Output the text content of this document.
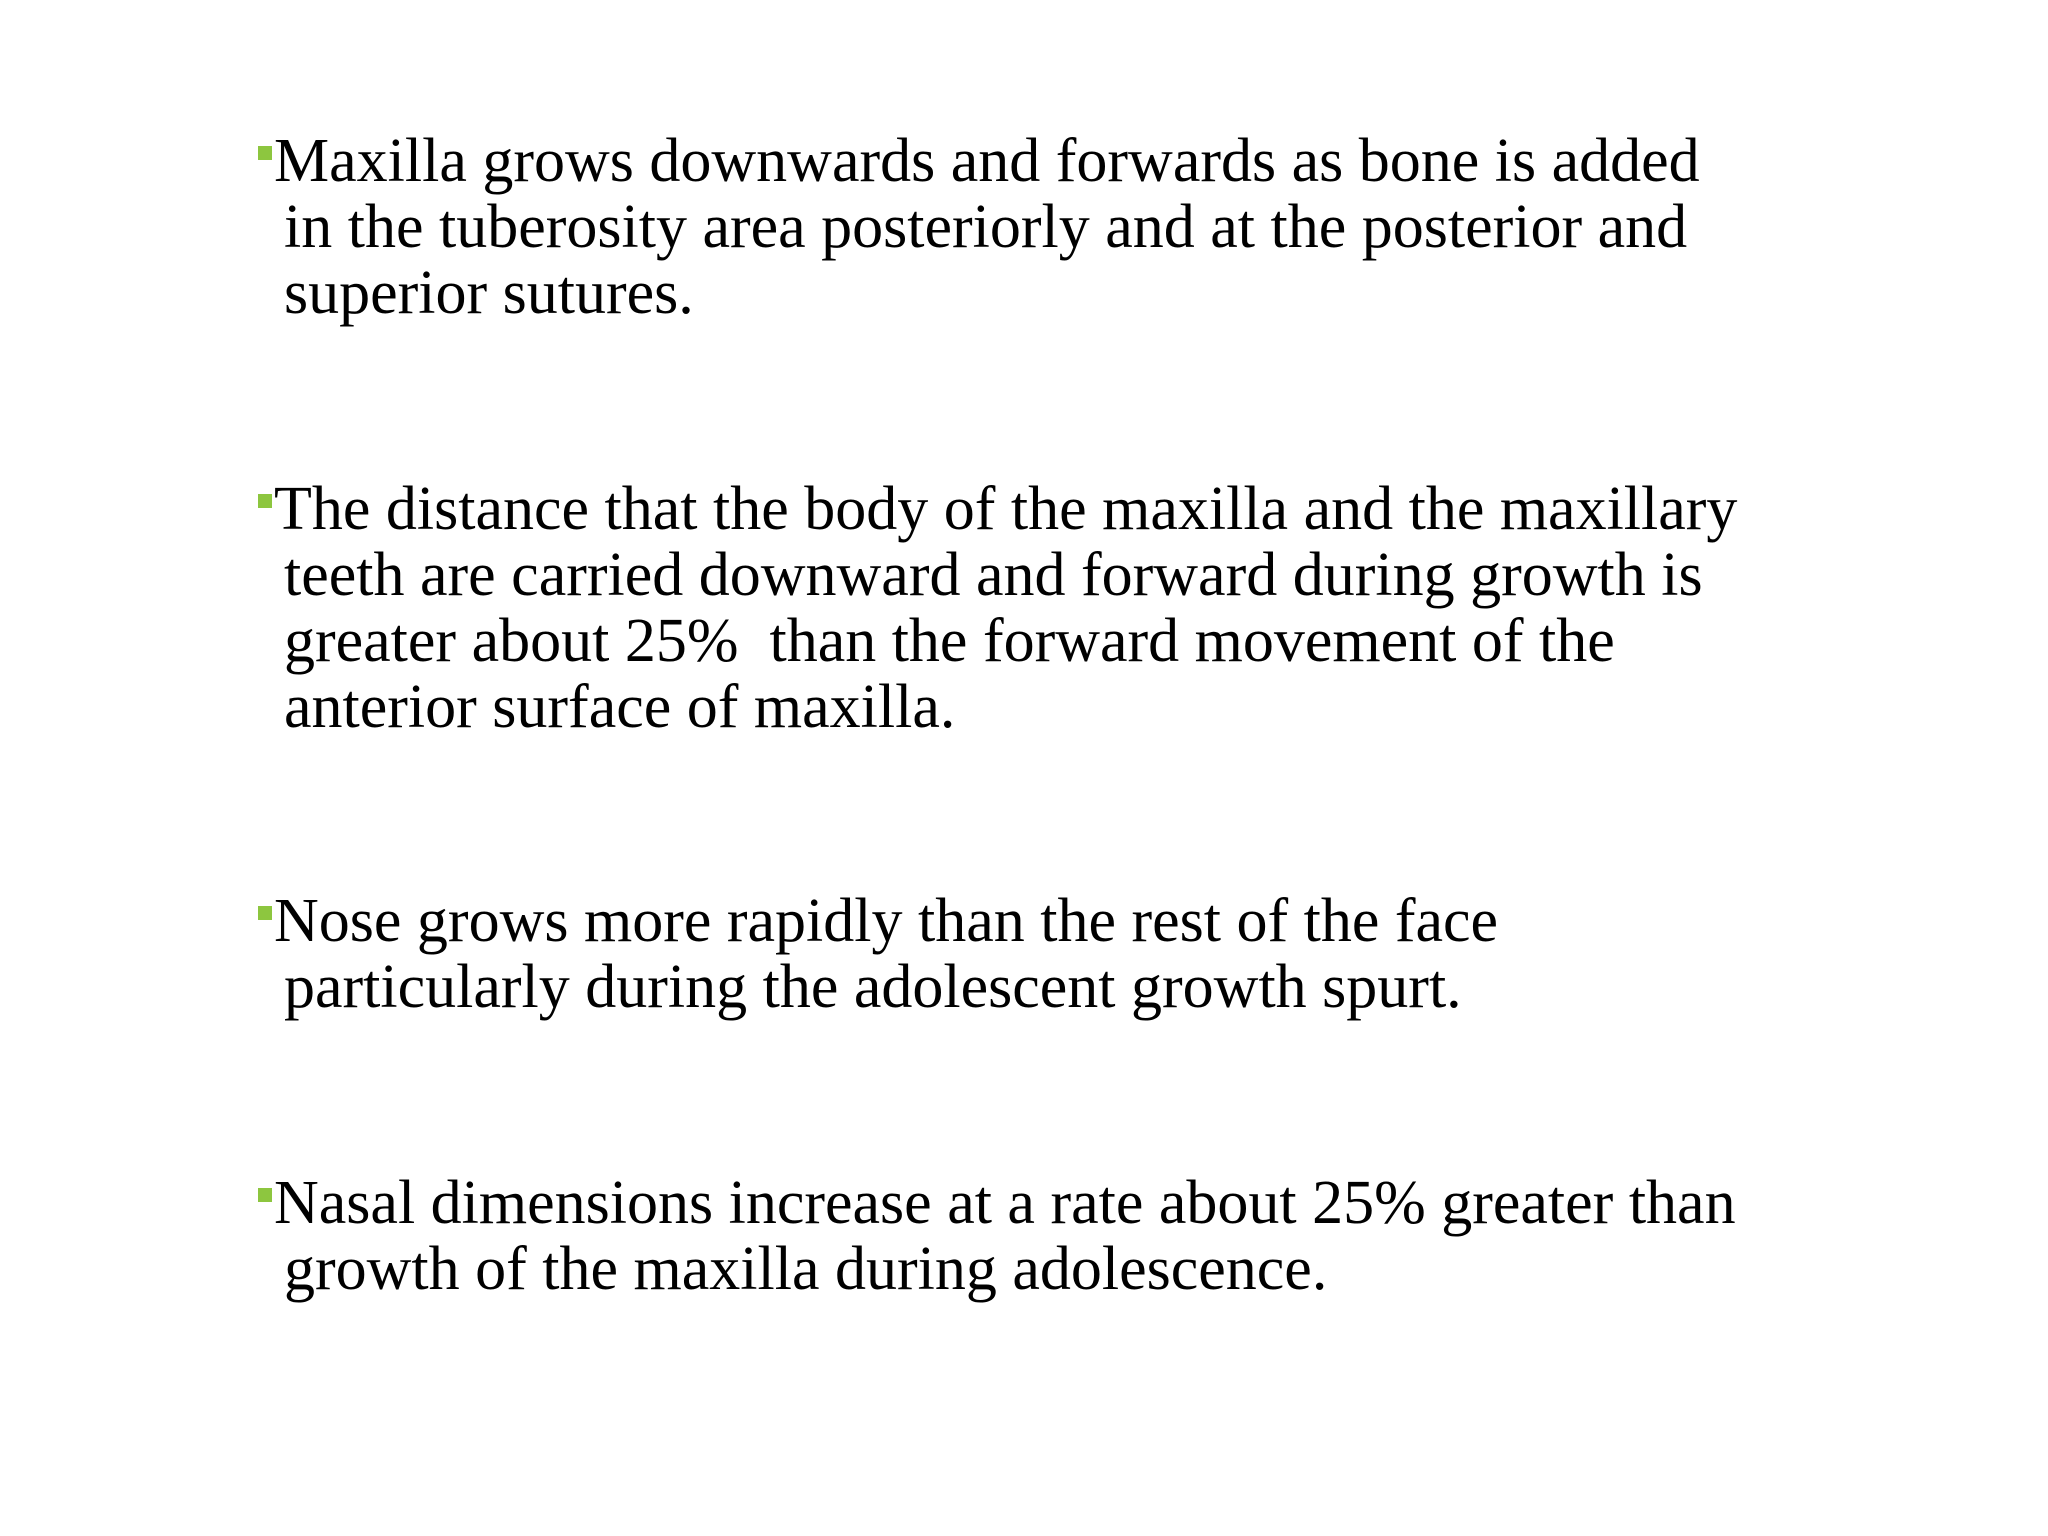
Maxilla grows downwards and forwards as bone is added
in the tuberosity area posteriorly and at the posterior and
superior sutures.
The distance that the body of the maxilla and the maxillary
teeth are carried downward and forward during growth is
greater about 25%  than the forward movement of the
anterior surface of maxilla.
Nose grows more rapidly than the rest of the face
particularly during the adolescent growth spurt.
Nasal dimensions increase at a rate about 25% greater than
growth of the maxilla during adolescence.
